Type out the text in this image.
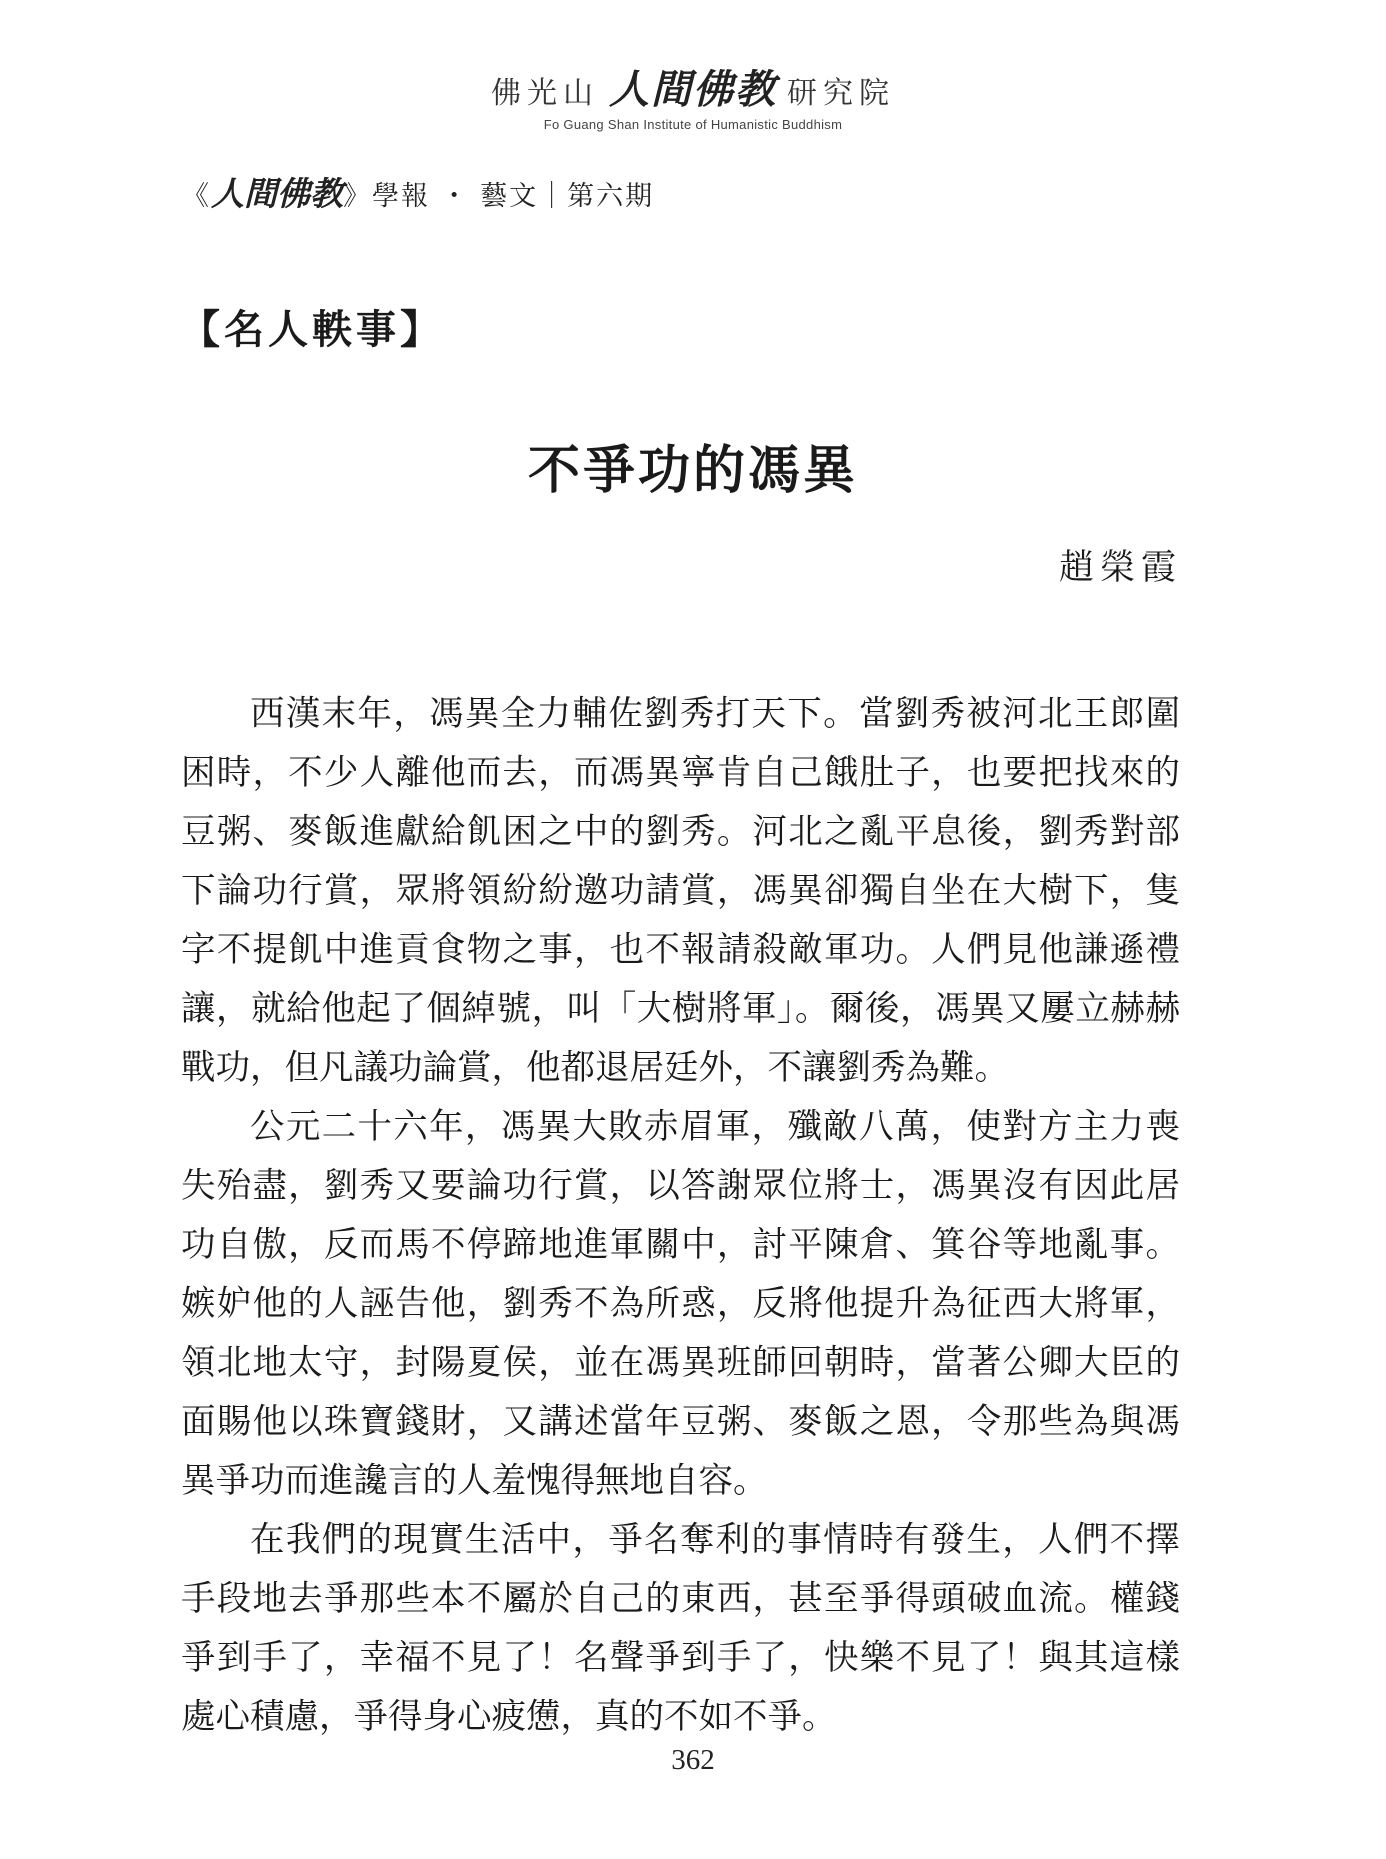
佛光山 人間佛教 研究院
Fo Guang Shan Institute of Humanistic Buddhism
《人間佛教》學報 ・ 藝文｜第六期
【名人軼事】
不爭功的馮異
趙榮霞

西漢末年，馮異全力輔佐劉秀打天下。當劉秀被河北王郎圍困時，不少人離他而去，而馮異寧肯自己餓肚子，也要把找來的豆粥、麥飯進獻給飢困之中的劉秀。河北之亂平息後，劉秀對部下論功行賞，眾將領紛紛邀功請賞，馮異卻獨自坐在大樹下，隻字不提飢中進貢食物之事，也不報請殺敵軍功。人們見他謙遜禮讓，就給他起了個綽號，叫「大樹將軍」。爾後，馮異又屢立赫赫戰功，但凡議功論賞，他都退居廷外，不讓劉秀為難。

公元二十六年，馮異大敗赤眉軍，殲敵八萬，使對方主力喪失殆盡，劉秀又要論功行賞，以答謝眾位將士，馮異沒有因此居功自傲，反而馬不停蹄地進軍關中，討平陳倉、箕谷等地亂事。嫉妒他的人誣告他，劉秀不為所惑，反將他提升為征西大將軍，領北地太守，封陽夏侯，並在馮異班師回朝時，當著公卿大臣的面賜他以珠寶錢財，又講述當年豆粥、麥飯之恩，令那些為與馮異爭功而進讒言的人羞愧得無地自容。

在我們的現實生活中，爭名奪利的事情時有發生，人們不擇手段地去爭那些本不屬於自己的東西，甚至爭得頭破血流。權錢爭到手了，幸福不見了！名聲爭到手了，快樂不見了！與其這樣處心積慮，爭得身心疲憊，真的不如不爭。

362
